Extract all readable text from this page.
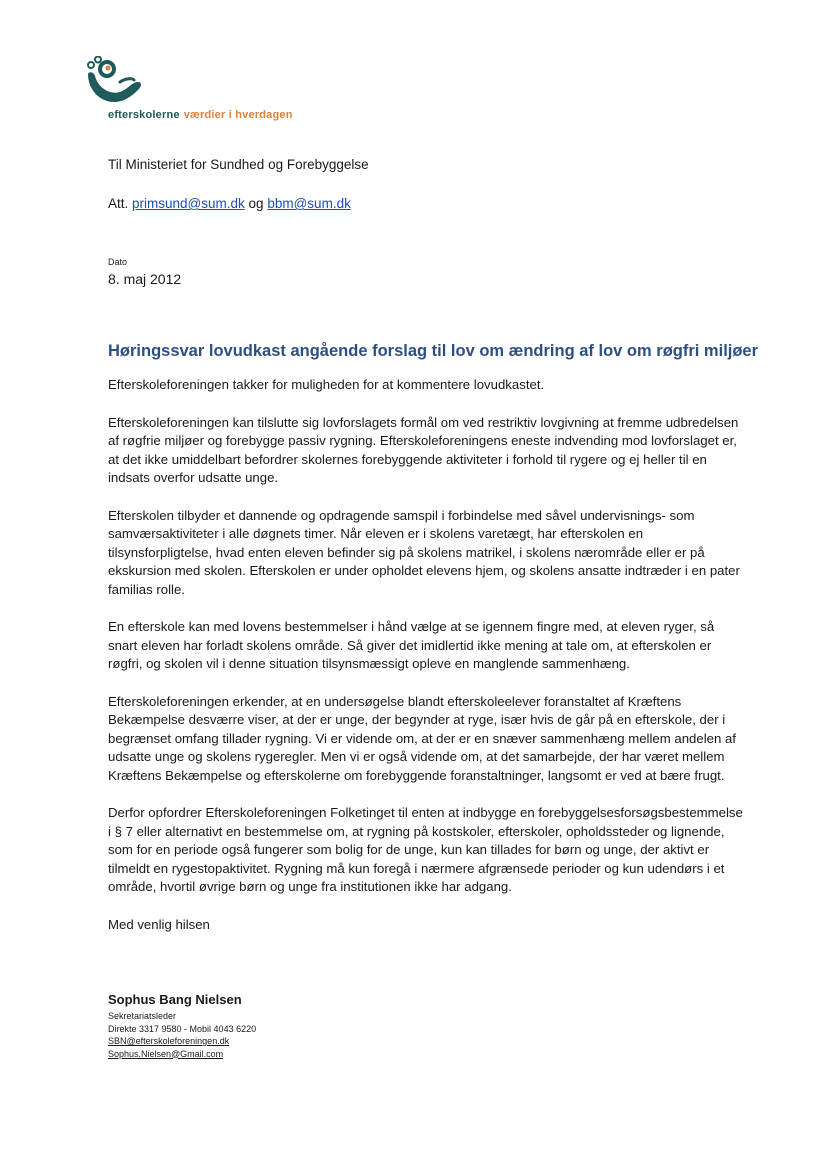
efterskolerne værdier i hverdagen
Til Ministeriet for Sundhed og Forebyggelse
Att. primsund@sum.dk og bbm@sum.dk
Dato
8. maj 2012
Høringssvar lovudkast angående forslag til lov om ændring af lov om røgfri miljøer

Efterskoleforeningen takker for muligheden for at kommentere lovudkastet.

Efterskoleforeningen kan tilslutte sig lovforslagets formål om ved restriktiv lovgivning at fremme udbredelsen af røgfrie miljøer og forebygge passiv rygning. Efterskoleforeningens eneste indvending mod lovforslaget er, at det ikke umiddelbart befordrer skolernes forebyggende aktiviteter i forhold til rygere og ej heller til en indsats overfor udsatte unge.

Efterskolen tilbyder et dannende og opdragende samspil i forbindelse med såvel undervisnings- som samværsaktiviteter i alle døgnets timer. Når eleven er i skolens varetægt, har efterskolen en tilsynsforpligtelse, hvad enten eleven befinder sig på skolens matrikel, i skolens nærområde eller er på ekskursion med skolen. Efterskolen er under opholdet elevens hjem, og skolens ansatte indtræder i en pater familias rolle.

En efterskole kan med lovens bestemmelser i hånd vælge at se igennem fingre med, at eleven ryger, så snart eleven har forladt skolens område. Så giver det imidlertid ikke mening at tale om, at efterskolen er røgfri, og skolen vil i denne situation tilsynsmæssigt opleve en manglende sammenhæng.

Efterskoleforeningen erkender, at en undersøgelse blandt efterskoleelever foranstaltet af Kræftens Bekæmpelse desværre viser, at der er unge, der begynder at ryge, især hvis de går på en efterskole, der i begrænset omfang tillader rygning. Vi er vidende om, at der er en snæver sammenhæng mellem andelen af udsatte unge og skolens rygeregler. Men vi er også vidende om, at det samarbejde, der har været mellem Kræftens Bekæmpelse og efterskolerne om forebyggende foranstaltninger, langsomt er ved at bære frugt.

Derfor opfordrer Efterskoleforeningen Folketinget til enten at indbygge en forebyggelsesforsøgsbestemmelse i § 7 eller alternativt en bestemmelse om, at rygning på kostskoler, efterskoler, opholdssteder og lignende, som for en periode også fungerer som bolig for de unge, kun kan tillades for børn og unge, der aktivt er tilmeldt en rygestopaktivitet. Rygning må kun foregå i nærmere afgrænsede perioder og kun udendørs i et område, hvortil øvrige børn og unge fra institutionen ikke har adgang.

Med venlig hilsen

Sophus Bang Nielsen
Sekretariatsleder
Direkte 3317 9580 - Mobil 4043 6220
SBN@efterskoleforeningen.dk
Sophus.Nielsen@Gmail.com
